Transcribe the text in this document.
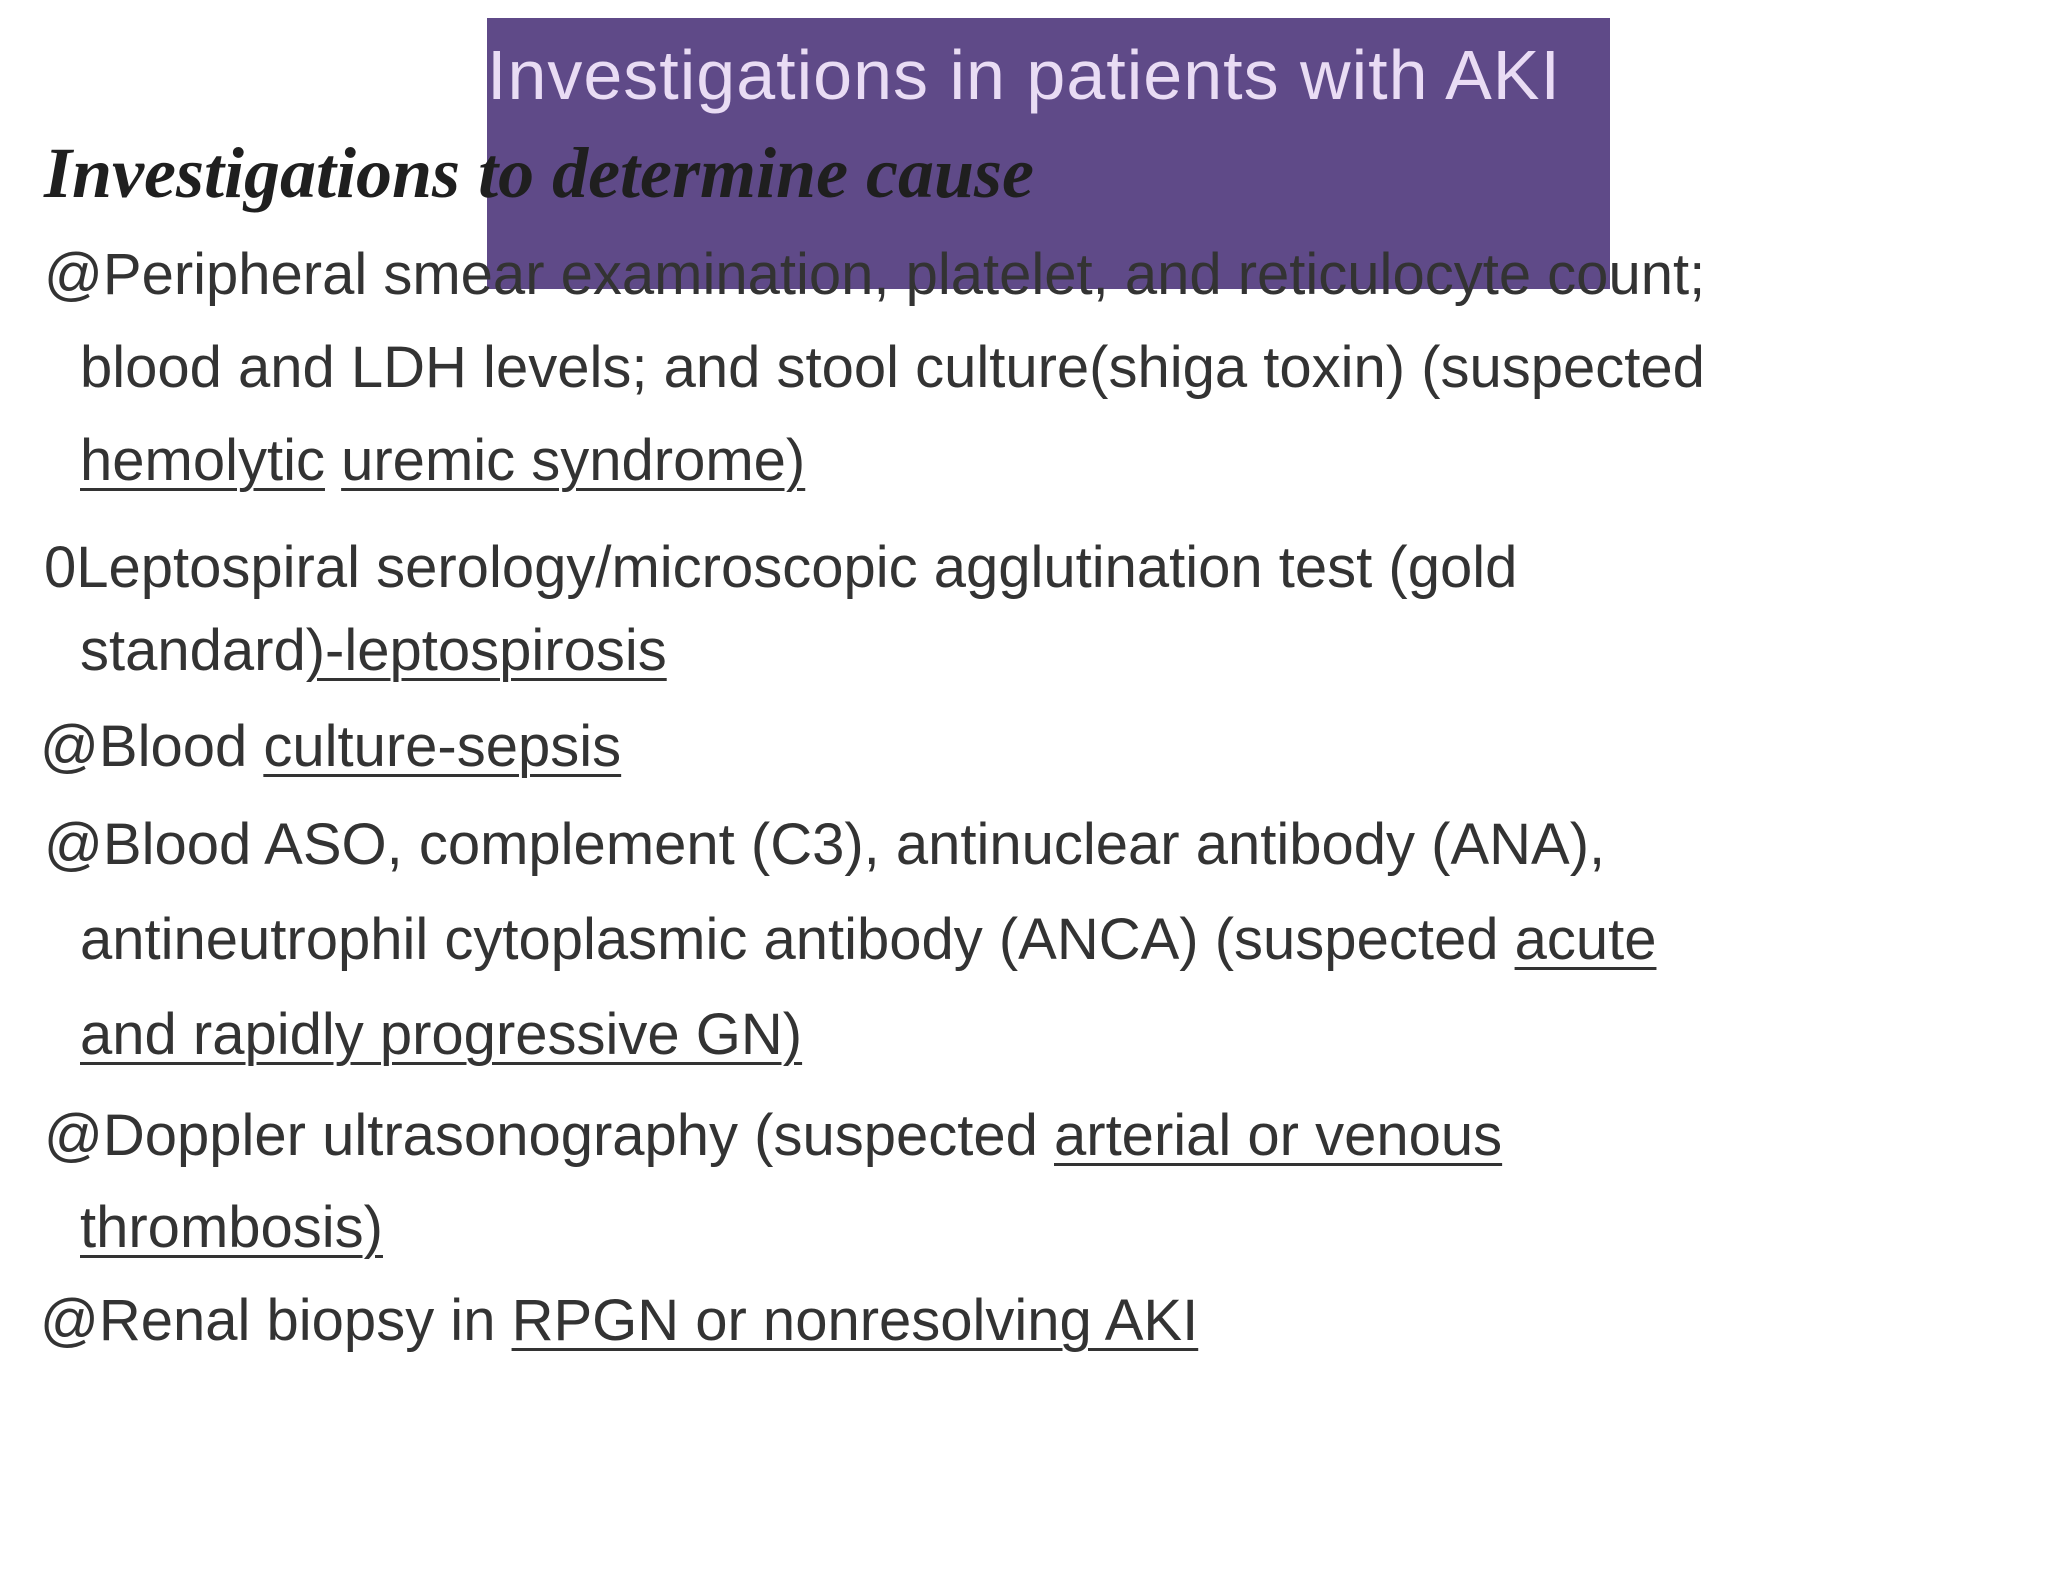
Investigations to determine cause
Investigations in patients with AKI

@Peripheral smear examination, platelet, and reticulocyte count;

blood and LDH levels; and stool culture(shiga toxin) (suspected

hemolytic uremic syndrome)

0Leptospiral serology/microscopic agglutination test (gold

standard)-leptospirosis

@Blood culture-sepsis

@Blood ASO, complement (C3), antinuclear antibody (ANA),

antineutrophil cytoplasmic antibody (ANCA) (suspected acute

and rapidly progressive GN)

@Doppler ultrasonography (suspected arterial or venous

thrombosis)

@Renal biopsy in RPGN or nonresolving AKI
